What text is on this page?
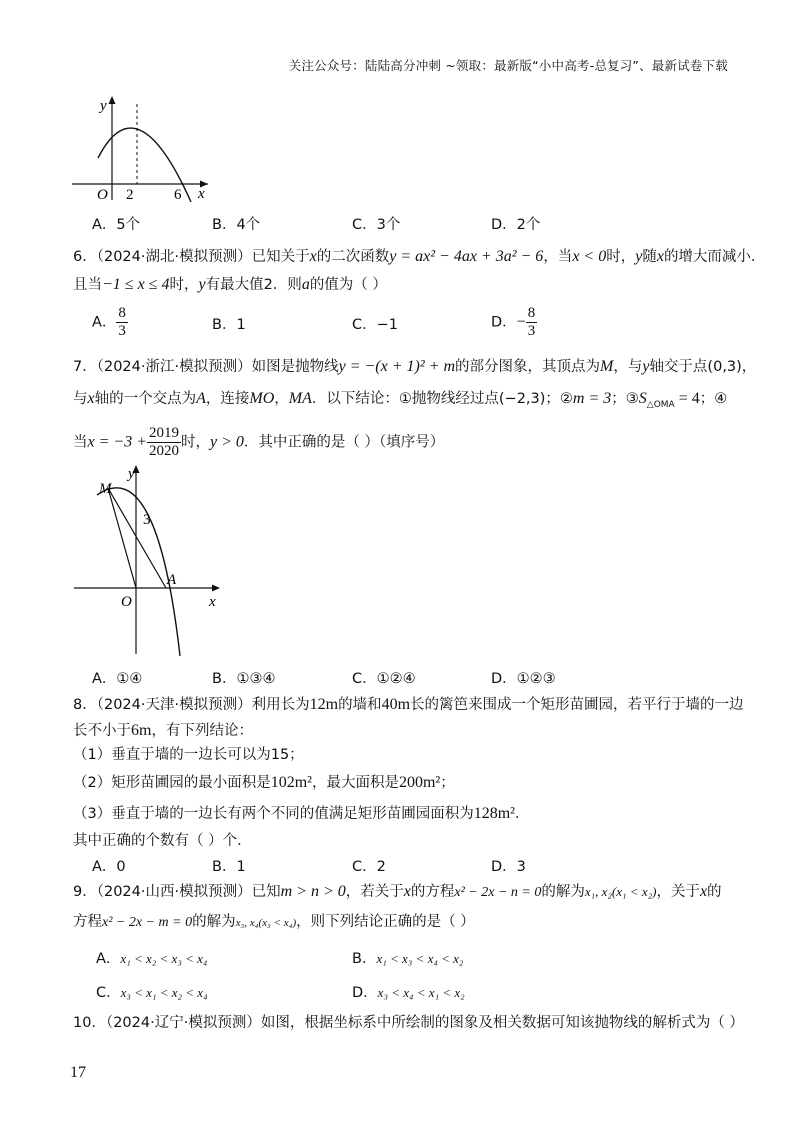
关注公众号：陆陆高分冲刺 ~领取：最新版“小中高考-总复习”、最新试卷下载
y
x
O 2	6
A．5个	B．4个	C．3个	D．2个
6．（2024·湖北·模拟预测）已知关于x的二次函数y = ax² − 4ax + 3a² − 6，当x < 0时，y随x的增大而减小．
且当−1 ≤ x ≤ 4时，y有最大值2．则a的值为（ ）
A． $\frac{8}{3}$	B．1	C．−1	D．− $\frac{8}{3}$
7．（2024·浙江·模拟预测）如图是抛物线y = −(x + 1)² + m的部分图象，其顶点为M，与y轴交于点(0,3)，
与x轴的一个交点为A，连接MO，MA．以下结论：①抛物线经过点(−2,3)；②m = 3；$③S_{\triangle OMA} = 4$；④
当$x = -3 + \frac{2019}{2020}$ 时，y > 0．其中正确的是（ ）（填序号）
y
x
O
M
A
3
A．①④	B．①③④	C．①②④	D．①②③
8．（2024·天津·模拟预测）利用长为12m的墙和40m长的篱笆来围成一个矩形苗圃园，若平行于墙的一边
长不小于6m，有下列结论：
（1）垂直于墙的一边长可以为15；
（2）矩形苗圃园的最小面积是102m²，最大面积是200m²；
（3）垂直于墙的一边长有两个不同的值满足矩形苗圃园面积为128m²．
其中正确的个数有（ ）个．
A．0	B．1	C．2	D．3
9．（2024·山西·模拟预测）已知m > n > 0，若关于x的方程x² − 2x − n = 0的解为x₁, x₂(x₁ < x₂)，关于x的
方程x² − 2x − m = 0的解为x₃, x₄(x₃ < x₄)，则下列结论正确的是（ ）
A．x₁ < x₂ < x₃ < x₄	B．x₁ < x₃ < x₄ < x₂
C．x₃ < x₁ < x₂ < x₄	D．x₃ < x₄ < x₁ < x₂
10．（2024·辽宁·模拟预测）如图，根据坐标系中所绘制的图象及相关数据可知该抛物线的解析式为（ ）
17
